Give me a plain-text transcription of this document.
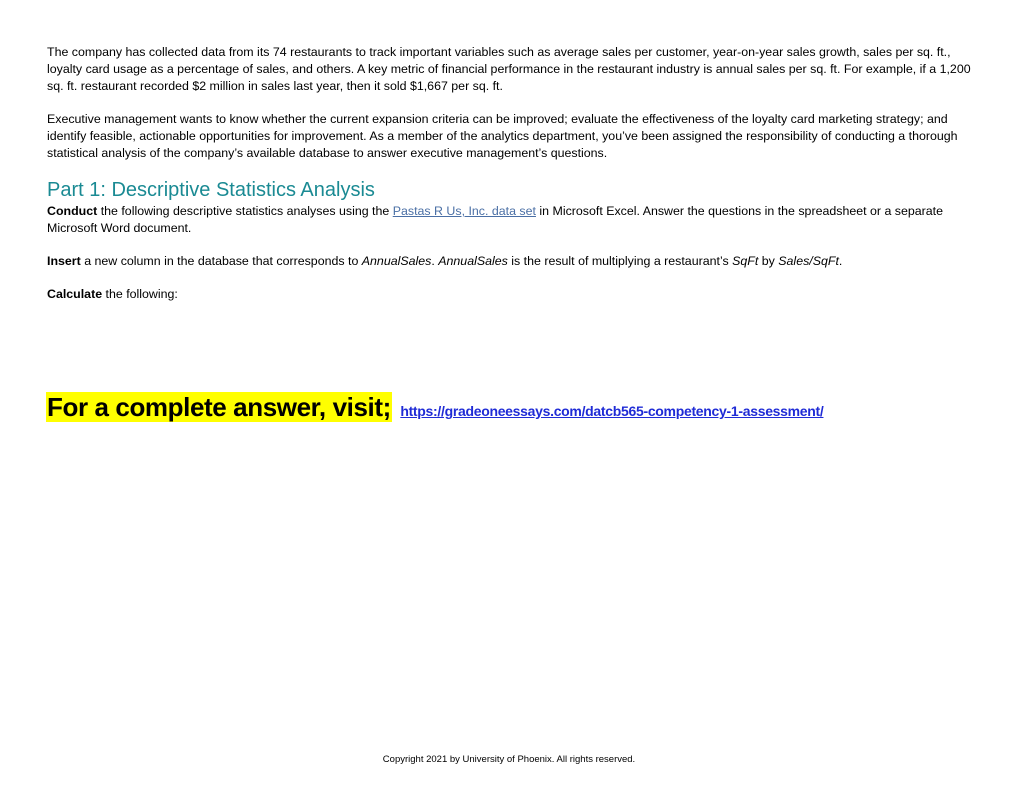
The company has collected data from its 74 restaurants to track important variables such as average sales per customer, year-on-year sales growth, sales per sq. ft., loyalty card usage as a percentage of sales, and others. A key metric of financial performance in the restaurant industry is annual sales per sq. ft. For example, if a 1,200 sq. ft. restaurant recorded $2 million in sales last year, then it sold $1,667 per sq. ft.

Executive management wants to know whether the current expansion criteria can be improved; evaluate the effectiveness of the loyalty card marketing strategy; and identify feasible, actionable opportunities for improvement. As a member of the analytics department, you’ve been assigned the responsibility of conducting a thorough statistical analysis of the company’s available database to answer executive management’s questions.

Part 1: Descriptive Statistics Analysis

Conduct the following descriptive statistics analyses using the Pastas R Us, Inc. data set in Microsoft Excel. Answer the questions in the spreadsheet or a separate Microsoft Word document.

Insert a new column in the database that corresponds to AnnualSales. AnnualSales is the result of multiplying a restaurant’s SqFt by Sales/SqFt.

Calculate the following:

For a complete answer, visit; https://gradeoneessays.com/datcb565-competency-1-assessment/
Copyright 2021 by University of Phoenix. All rights reserved.
